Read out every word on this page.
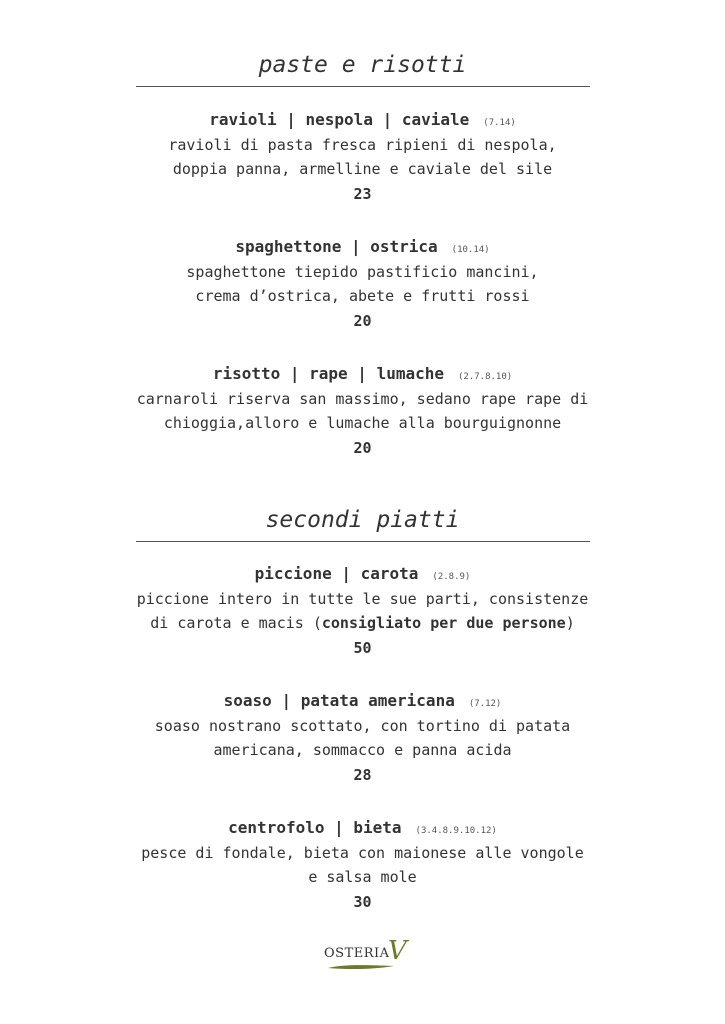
paste e risotti
ravioli | nespola | caviale (7.14)
ravioli di pasta fresca ripieni di nespola,
doppia panna, armelline e caviale del sile
23
spaghettone | ostrica (10.14)
spaghettone tiepido pastificio mancini,
crema d’ostrica, abete e frutti rossi
20
risotto | rape | lumache (2.7.8.10)
carnaroli riserva san massimo, sedano rape rape di
chioggia,alloro e lumache alla bourguignonne
20
secondi piatti
piccione | carota (2.8.9)
piccione intero in tutte le sue parti, consistenze
di carota e macis (consigliato per due persone)
50
soaso | patata americana (7.12)
soaso nostrano scottato, con tortino di patata
americana, sommacco e panna acida
28
centrofolo | bieta (3.4.8.9.10.12)
pesce di fondale, bieta con maionese alle vongole
e salsa mole
30
OSTERIA
V
